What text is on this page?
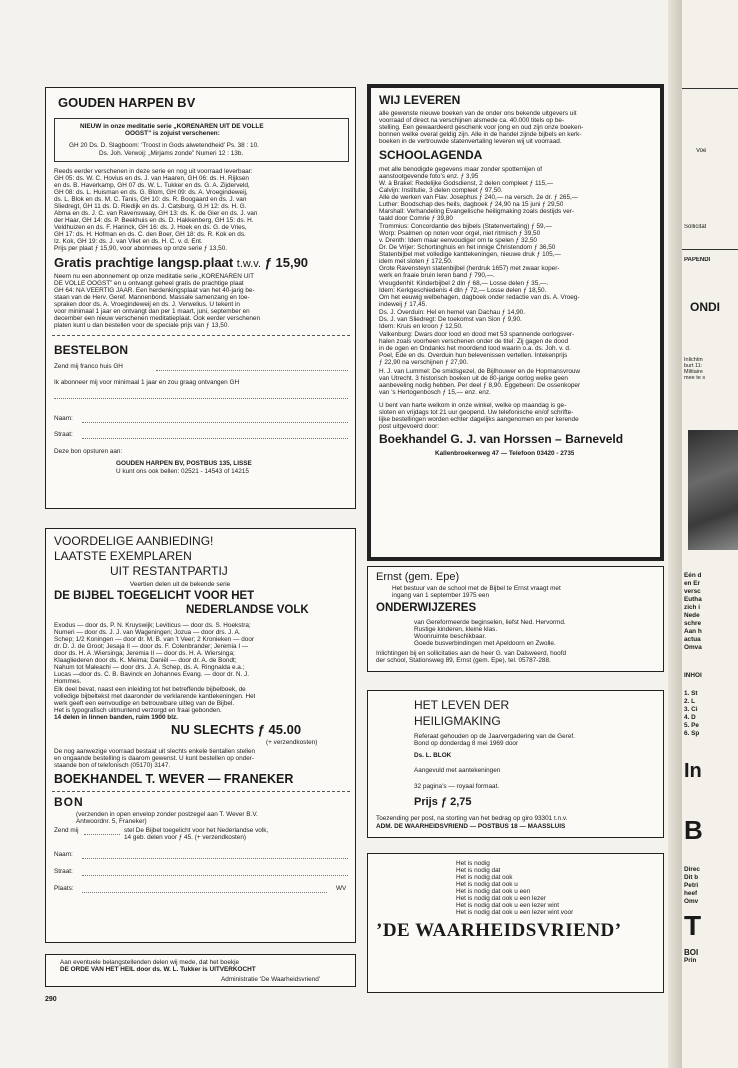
GOUDEN HARPEN BV
NIEUW in onze meditatie serie „KORENAREN UIT DE VOLLE
OOGST” is zojuist verschenen:
GH 20 Ds. D. Slagboom: ‘Troost in Gods alwetendheid’ Ps. 38 : 10.
Ds. Joh. Verwoij: „Mirjams zonde” Numeri 12 : 13b.
Reeds eerder verschenen in deze serie en nog uit voorraad leverbaar:
GH 05: ds. W. C. Hovius en ds. J. van Haaren, GH 06: ds. H. Rijksen
en ds. B. Haverkamp, GH 07 ds. W. L. Tukker en ds. G. A. Zijderveld,
GH 08: ds. L. Huisman en ds. G. Blom, GH 09: ds. A. Vroegindeweij,
ds. L. Blok en ds. M. C. Tanis, GH 10: ds. R. Boogaard en ds. J. van
Sliedregt, GH 11 ds. D. Riedijk en ds. J. Catsburg, G.H 12: ds. H. G.
Abma en ds. J. C. van Ravenswaay, GH 13: ds. K. de Gier en ds. J. van
der Haar, GH 14: ds. P. Beekhuis en ds. D. Hakkenberg, GH 15: ds. H.
Veldhuizen en ds. F. Harinck, GH 16: ds. J. Hoek en ds. G. de Vries,
GH 17: ds. H. Hofman en ds. C. den Boer, GH 18: ds. R. Kok en ds.
Iz. Kok, GH 19: ds. J. van Vliet en ds. H. C. v. d. Ent.
Prijs per plaat ƒ 15,90, voor abonnees op onze serie ƒ 13,50.
Gratis prachtige langsp.plaat t.w.v. ƒ 15,90
Neem nu een abonnement op onze meditatie serie „KORENAREN UIT
DE VOLLE OOGST” en u ontvangt geheel gratis de prachtige plaat
GH 64: NA VEERTIG JAAR. Een herdenkingsplaat van het 40-jarig be-
staan van de Herv. Geref. Mannenbond. Massale samenzang en toe-
spraken door ds. A. Vroegindeweij en ds. J. Verwelius. U tekent in
voor minimaal 1 jaar en ontvangt dan per 1 maart, juni, september en
december een nieuw verschenen meditatieplaat. Ook eerder verschenen
platen kunt u dan bestellen voor de speciale prijs van ƒ 13,50.
BESTELBON
Zend mij franco huis GH
Ik abonneer mij voor minimaal 1 jaar en zou graag ontvangen GH
Naam:
Straat:
Deze bon opsturen aan:
GOUDEN HARPEN BV, POSTBUS 135, LISSE
U kunt ons ook bellen: 02521 - 14543 of 14215
VOORDELIGE AANBIEDING!
LAATSTE EXEMPLAREN
UIT RESTANTPARTIJ
Veertien delen uit de bekende serie
DE BIJBEL TOEGELICHT VOOR HET
NEDERLANDSE VOLK
Exodus — door ds. P. N. Kruyswijk; Leviticus — door ds. S. Hoekstra;
Numeri — door ds. J. J. van Wageningen; Jozua — door drs. J. A.
Schep; 1/2 Koningen — door dr. M. B. van ’t Veer; 2 Kronieken — door
dr. D. J. de Groot; Jesaja II — door ds. F. Colenbrander; Jeremia I —
door ds. H. A .Wiersinga; Jeremia II — door ds. H. A. Wiersinga;
Klaagliederen door ds. K. Meima; Daniël — door dr. A. de Bondt;
Nahum tot Maleachi — door drs. J. A. Schep, ds. A. Ringnalda e.a.;
Lucas —door ds. C. B. Bavinck en Johannes Evang. — door dr. N. J.
Hommes.
Elk deel bevat, naast een inleiding tot het betreffende bijbelboek, de
volledige bijbeltekst met daaronder de verklarende kanttekeningen. Het
werk geeft een eenvoudige en betrouwbare uitleg van de Bijbel.
Het is typografisch uitmuntend verzorgd en fraai gebonden.
14 delen in linnen banden, ruim 1900 blz.
NU SLECHTS ƒ 45.00
(+ verzendkosten)
De nog aanwezige voorraad bestaat uit slechts enkele tientallen stellen
en ongaande bestelling is daarom gewenst. U kunt bestellen op onder-
staande bon of telefonisch (05170) 3147.
BOEKHANDEL T. WEVER — FRANEKER
BON
(verzenden in open envelop zonder postzegel aan T. Wever B.V.
Antwoordnr. 5, Franeker)
Zend mij	stel De Bijbel toegelicht voor het Nederlandse volk,
14 geb. delen voor ƒ 45. (+ verzendkosten)
Naam:
Straat:
Plaats:	WV
Aan eventuele belangstellenden delen wij mede, dat het boekje
DE ORDE VAN HET HEIL door ds. W. L. Tukker is UITVERKOCHT
Administratie ‘De Waarheidsvriend’
290
WIJ LEVEREN
alle gewenste nieuwe boeken van de onder ons bekende uitgevers uit
voorraad of direct na verschijnen alsmede ca. 40.000 titels op be-
stelling. Een gewaardeerd geschenk voor jong en oud zijn onze boeken-
bonnen welke overal geldig zijn. Alle in de handel zijnde bijbels en kerk-
boeken in de vertrouwde statenvertaling leveren wij uit voorraad.
SCHOOLAGENDA
met alle benodigde gegevens maar zonder spotternijen of
aanstootgevende foto’s enz. ƒ 3,95
W. à Brakel: Redelijke Godsdienst, 2 delen compleet ƒ 115,—
Calvijn: Institutie, 3 delen compleet ƒ 97,50.
Alle de werken van Flav. Josephus ƒ 240,— na versch. 2e dr. ƒ 265,—
Luther: Boodschap des heils, dagboek ƒ 24,90 na 15 juni ƒ 29,50
Marshall: Verhandeling Evangelische heiligmaking zoals destijds ver-
taald door Comrie ƒ 39,80
Trommius: Concordantie des bijbels (Statenvertaling) ƒ 59,—
Worp: Psalmen op noten voor orgel, niet ritmisch ƒ 39,50
v. Drenth: Idem maar eenvoudiger om te spelen ƒ 32,50
Dr. De Vrijer: Schortinghuis en het innige Christendom ƒ 36,50
Statenbijbel met volledige kanttekeningen, nieuwe druk ƒ 105,—
idem met sloten ƒ 172,50.
Grote Ravensteyn statenbijbel (herdruk 1657) met zwaar koper-
werk en fraaie bruin leren band ƒ 790,—.
Vreugdenhil: Kinderbijbel 2 dln ƒ 68,— Losse delen ƒ 35,—.
Idem: Kerkgeschiedenis 4 dln ƒ 72,— Losse delen ƒ 18,50.
Om het eeuwig welbehagen, dagboek onder redactie van ds. A. Vroeg-
indeweij ƒ 17,45.
Ds. J. Overduin: Hel en hemel van Dachau ƒ 14,90.
Ds. J. van Sliedregt: De toekomst van Sion ƒ 9,90.
Idem: Kruis en kroon ƒ 12,50.
Valkenburg: Dwars door lood en dood met 53 spannende oorlogsver-
halen zoals voorheen verschenen onder de titel: Zij gagen de dood
in de ogen en Ondanks het moordend lood waarin o.a. ds. Joh. v. d.
Poel, Ede en ds. Overduin hun belevenissen vertellen. Intekenprijs
ƒ 22,90 na verschijnen ƒ 27,90.
H. J. van Lummel: De smidsgezel, de Bijlhouwer en de Hopmansvrouw
van Utrecht. 3 historisch boeken uit de 80-jarige oorlog welke geen
aanbeveling nodig hebben. Per deel ƒ 8,90. Eggebeen: De ossenkoper
van ’s Hertogenbosch ƒ 15,— enz. enz.
U bent van harte welkom in onze winkel, welke op maandag is ge-
sloten en vrijdags tot 21 uur geopend. Uw telefonische en/of schrifte-
lijke bestellingen worden echter dagelijks aangenomen en per kerende
post uitgevoerd door:
Boekhandel G. J. van Horssen – Barneveld
Kallenbroekerweg 47 — Telefoon 03420 - 2735
Ernst (gem. Epe)
Het bestuur van de school met de Bijbel te Ernst vraagt met
ingang van 1 september 1975 een
ONDERWIJZERES
van Gereformeerde beginselen, liefst Ned. Hervormd.
Rustige kinderen, kleine klas.
Woonruimte beschikbaar.
Goede busverbindingen met Apeldoorn en Zwolle.
Inlichtingen bij en sollicitaties aan de heer G. van Dalsweerd, hoofd
der school, Stationsweg 89, Ernst (gem. Epe), tel. 05787-288.
HET LEVEN DER
HEILIGMAKING
Referaat gehouden op de Jaarvergadering van de Geref.
Bond op donderdag 8 mei 1969 door
Ds. L. BLOK
Aangevuld met aantekeningen
32 pagina’s — royaal formaat.
Prijs ƒ 2,75
Toezending per post, na storting van het bedrag op giro 93301 t.n.v.
ADM. DE WAARHEIDSVRIEND — POSTBUS 18 — MAASSLUIS
Het is nodig
Het is nodig dat
Het is nodig dat ook
Het is nodig dat ook u
Het is nodig dat ook u een
Het is nodig dat ook u een lezer
Het is nodig dat ook u een lezer wint
Het is nodig dat ook u een lezer wint voor
’DE WAARHEIDSVRIEND’
Voe
Sollicitat
PAPENDI
ONDI
Inlichtin
burt 11:
Militaire
mee te s
Eén d
en Er
versc
Eutha
zich i
Nede
schre
Aan h
actua
Omva
INHOI
1. St
2. L
3. Ci
4. D
5. Pe
6. Sp
In
B
Direc
Dit b
Petri
heef
Omv
T
BOI
Prin
